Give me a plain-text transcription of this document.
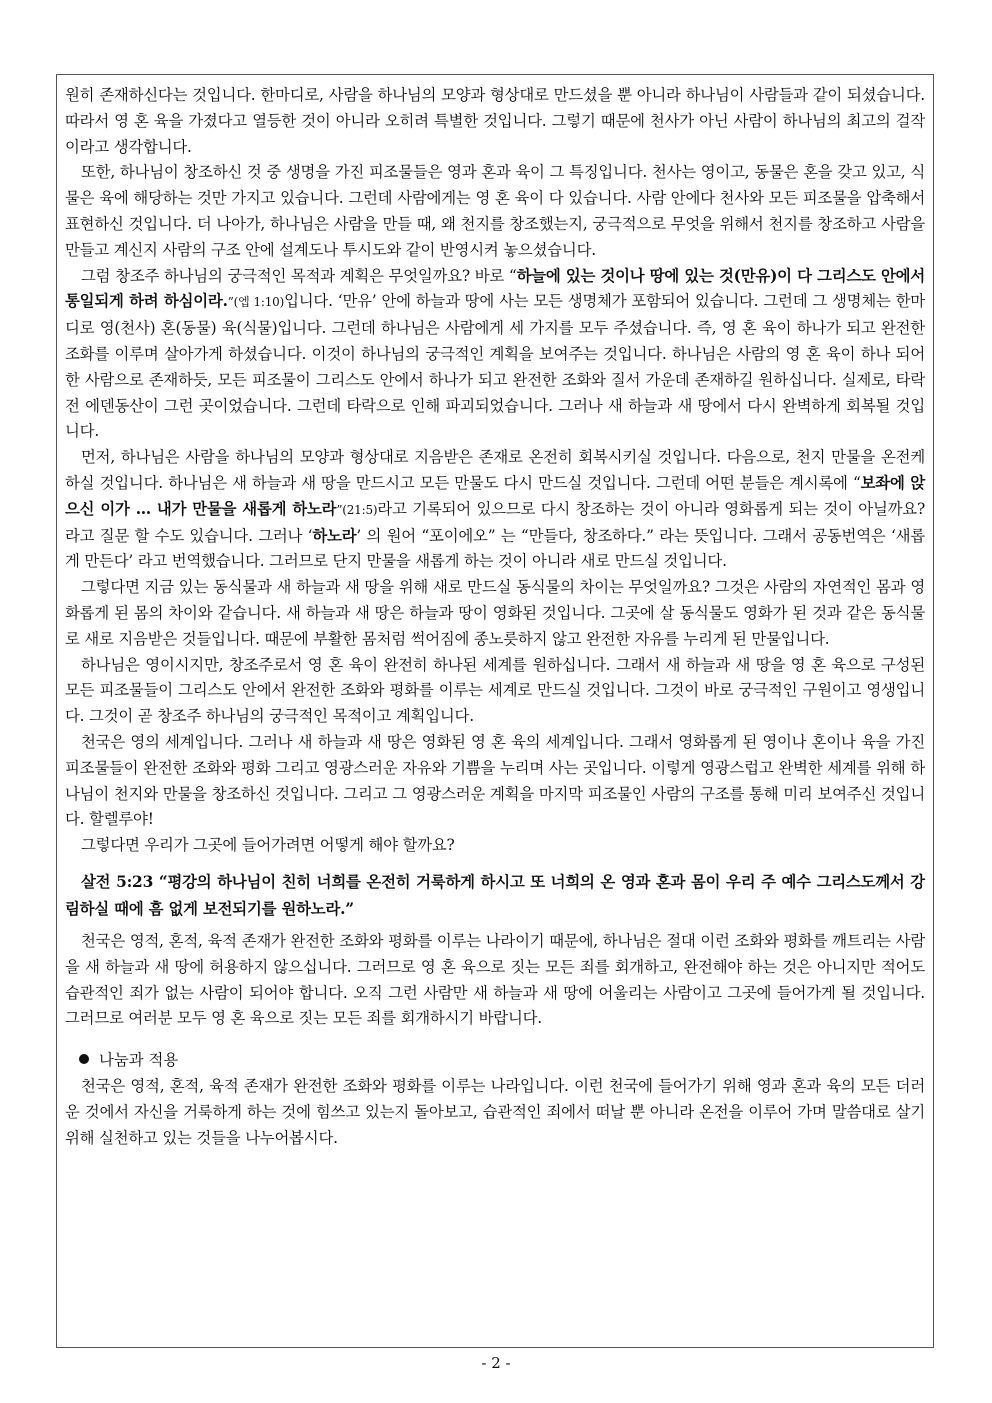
원히 존재하신다는 것입니다. 한마디로, 사람을 하나님의 모양과 형상대로 만드셨을 뿐 아니라 하나님이 사람들과 같이 되셨습니다. 따라서 영 혼 육을 가졌다고 열등한 것이 아니라 오히려 특별한 것입니다. 그렇기 때문에 천사가 아닌 사람이 하나님의 최고의 걸작이라고 생각합니다.

또한, 하나님이 창조하신 것 중 생명을 가진 피조물들은 영과 혼과 육이 그 특징입니다. 천사는 영이고, 동물은 혼을 갖고 있고, 식물은 육에 해당하는 것만 가지고 있습니다. 그런데 사람에게는 영 혼 육이 다 있습니다. 사람 안에다 천사와 모든 피조물을 압축해서 표현하신 것입니다. 더 나아가, 하나님은 사람을 만들 때, 왜 천지를 창조했는지, 궁극적으로 무엇을 위해서 천지를 창조하고 사람을 만들고 계신지 사람의 구조 안에 설계도나 투시도와 같이 반영시켜 놓으셨습니다.

그럼 창조주 하나님의 궁극적인 목적과 계획은 무엇일까요? 바로 “하늘에 있는 것이나 땅에 있는 것(만유)이 다 그리스도 안에서 통일되게 하려 하심이라.”(엡 1:10)입니다. ‘만유’ 안에 하늘과 땅에 사는 모든 생명체가 포함되어 있습니다. 그런데 그 생명체는 한마디로 영(천사) 혼(동물) 육(식물)입니다. 그런데 하나님은 사람에게 세 가지를 모두 주셨습니다. 즉, 영 혼 육이 하나가 되고 완전한 조화를 이루며 살아가게 하셨습니다. 이것이 하나님의 궁극적인 계획을 보여주는 것입니다. 하나님은 사람의 영 혼 육이 하나 되어 한 사람으로 존재하듯, 모든 피조물이 그리스도 안에서 하나가 되고 완전한 조화와 질서 가운데 존재하길 원하십니다. 실제로, 타락 전 에덴동산이 그런 곳이었습니다. 그런데 타락으로 인해 파괴되었습니다. 그러나 새 하늘과 새 땅에서 다시 완벽하게 회복될 것입니다.

먼저, 하나님은 사람을 하나님의 모양과 형상대로 지음받은 존재로 온전히 회복시키실 것입니다. 다음으로, 천지 만물을 온전케 하실 것입니다. 하나님은 새 하늘과 새 땅을 만드시고 모든 만물도 다시 만드실 것입니다. 그런데 어떤 분들은 계시록에 “보좌에 앉으신 이가 … 내가 만물을 새롭게 하노라”(21:5)라고 기록되어 있으므로 다시 창조하는 것이 아니라 영화롭게 되는 것이 아닐까요? 라고 질문 할 수도 있습니다. 그러나 ‘하노라’ 의 원어 “포이에오” 는 “만들다, 창조하다.” 라는 뜻입니다. 그래서 공동번역은 ‘새롭게 만든다’ 라고 번역했습니다. 그러므로 단지 만물을 새롭게 하는 것이 아니라 새로 만드실 것입니다.

그렇다면 지금 있는 동식물과 새 하늘과 새 땅을 위해 새로 만드실 동식물의 차이는 무엇일까요? 그것은 사람의 자연적인 몸과 영화롭게 된 몸의 차이와 같습니다. 새 하늘과 새 땅은 하늘과 땅이 영화된 것입니다. 그곳에 살 동식물도 영화가 된 것과 같은 동식물로 새로 지음받은 것들입니다. 때문에 부활한 몸처럼 썩어짐에 종노릇하지 않고 완전한 자유를 누리게 된 만물입니다.

하나님은 영이시지만, 창조주로서 영 혼 육이 완전히 하나된 세계를 원하십니다. 그래서 새 하늘과 새 땅을 영 혼 육으로 구성된 모든 피조물들이 그리스도 안에서 완전한 조화와 평화를 이루는 세계로 만드실 것입니다. 그것이 바로 궁극적인 구원이고 영생입니다. 그것이 곧 창조주 하나님의 궁극적인 목적이고 계획입니다.

천국은 영의 세계입니다. 그러나 새 하늘과 새 땅은 영화된 영 혼 육의 세계입니다. 그래서 영화롭게 된 영이나 혼이나 육을 가진 피조물들이 완전한 조화와 평화 그리고 영광스러운 자유와 기쁨을 누리며 사는 곳입니다. 이렇게 영광스럽고 완벽한 세계를 위해 하나님이 천지와 만물을 창조하신 것입니다. 그리고 그 영광스러운 계획을 마지막 피조물인 사람의 구조를 통해 미리 보여주신 것입니다. 할렐루야!

그렇다면 우리가 그곳에 들어가려면 어떻게 해야 할까요?

살전 5:23 “평강의 하나님이 친히 너희를 온전히 거룩하게 하시고 또 너희의 온 영과 혼과 몸이 우리 주 예수 그리스도께서 강림하실 때에 흠 없게 보전되기를 원하노라.”

천국은 영적, 혼적, 육적 존재가 완전한 조화와 평화를 이루는 나라이기 때문에, 하나님은 절대 이런 조화와 평화를 깨트리는 사람을 새 하늘과 새 땅에 허용하지 않으십니다. 그러므로 영 혼 육으로 짓는 모든 죄를 회개하고, 완전해야 하는 것은 아니지만 적어도 습관적인 죄가 없는 사람이 되어야 합니다. 오직 그런 사람만 새 하늘과 새 땅에 어울리는 사람이고 그곳에 들어가게 될 것입니다. 그러므로 여러분 모두 영 혼 육으로 짓는 모든 죄를 회개하시기 바랍니다.

나눔과 적용

천국은 영적, 혼적, 육적 존재가 완전한 조화와 평화를 이루는 나라입니다. 이런 천국에 들어가기 위해 영과 혼과 육의 모든 더러운 것에서 자신을 거룩하게 하는 것에 힘쓰고 있는지 돌아보고, 습관적인 죄에서 떠날 뿐 아니라 온전을 이루어 가며 말씀대로 살기 위해 실천하고 있는 것들을 나누어봅시다.

- 2 -
